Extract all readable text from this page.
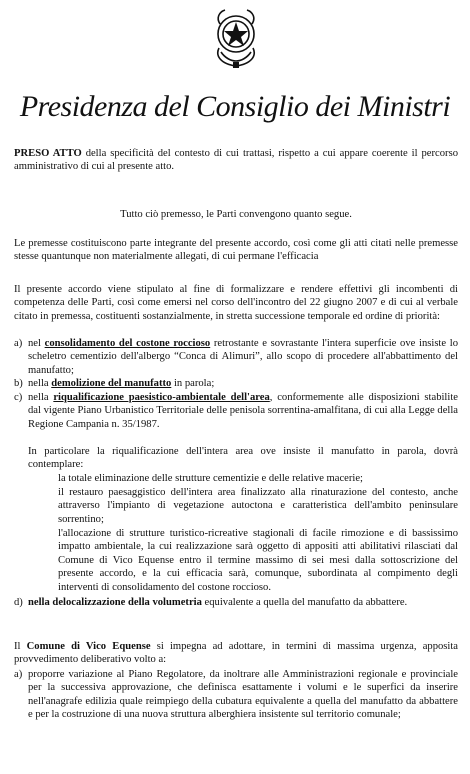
Presidenza del Consiglio dei Ministri
PRESO ATTO della specificità del contesto di cui trattasi, rispetto a cui appare coerente il percorso amministrativo di cui al presente atto.
Tutto ciò premesso, le Parti convengono quanto segue.
Le premesse costituiscono parte integrante del presente accordo, così come gli atti citati nelle premesse stesse quantunque non materialmente allegati, di cui permane l'efficacia
Il presente accordo viene stipulato al fine di formalizzare e rendere effettivi gli incombenti di competenza delle Parti, così come emersi nel corso dell'incontro del 22 giugno 2007 e di cui al verbale citato in premessa, costituenti sostanzialmente, in stretta successione temporale ed ordine di priorità:
a) nel consolidamento del costone roccioso retrostante e sovrastante l'intera superficie ove insiste lo scheletro cementizio dell'albergo “Conca di Alimuri”, allo scopo di procedere all'abbattimento del manufatto;
b) nella demolizione del manufatto in parola;
c) nella riqualificazione paesistico-ambientale dell'area, conformemente alle disposizioni stabilite dal vigente Piano Urbanistico Territoriale delle penisola sorrentina-amalfitana, di cui alla Legge della Regione Campania n. 35/1987.
In particolare la riqualificazione dell'intera area ove insiste il manufatto in parola, dovrà contemplare:
la totale eliminazione delle strutture cementizie e delle relative macerie;
il restauro paesaggistico dell'intera area finalizzato alla rinaturazione del contesto, anche attraverso l'impianto di vegetazione autoctona e caratteristica dell'ambito peninsulare sorrentino;
l'allocazione di strutture turistico-ricreative stagionali di facile rimozione e di bassissimo impatto ambientale, la cui realizzazione sarà oggetto di appositi atti abilitativi rilasciati dal Comune di Vico Equense entro il termine massimo di sei mesi dalla sottoscrizione del presente accordo, e la cui efficacia sarà, comunque, subordinata al compimento degli interventi di consolidamento del costone roccioso.
d) nella delocalizzazione della volumetria equivalente a quella del manufatto da abbattere.
Il Comune di Vico Equense si impegna ad adottare, in termini di massima urgenza, apposita provvedimento deliberativo volto a:
a) proporre variazione al Piano Regolatore, da inoltrare alle Amministrazioni regionale e provinciale per la successiva approvazione, che definisca esattamente i volumi e le superfici da inserire nell'anagrafe edilizia quale reimpiego della cubatura equivalente a quella del manufatto da abbattere e per la costruzione di una nuova struttura alberghiera insistente sul territorio comunale;
